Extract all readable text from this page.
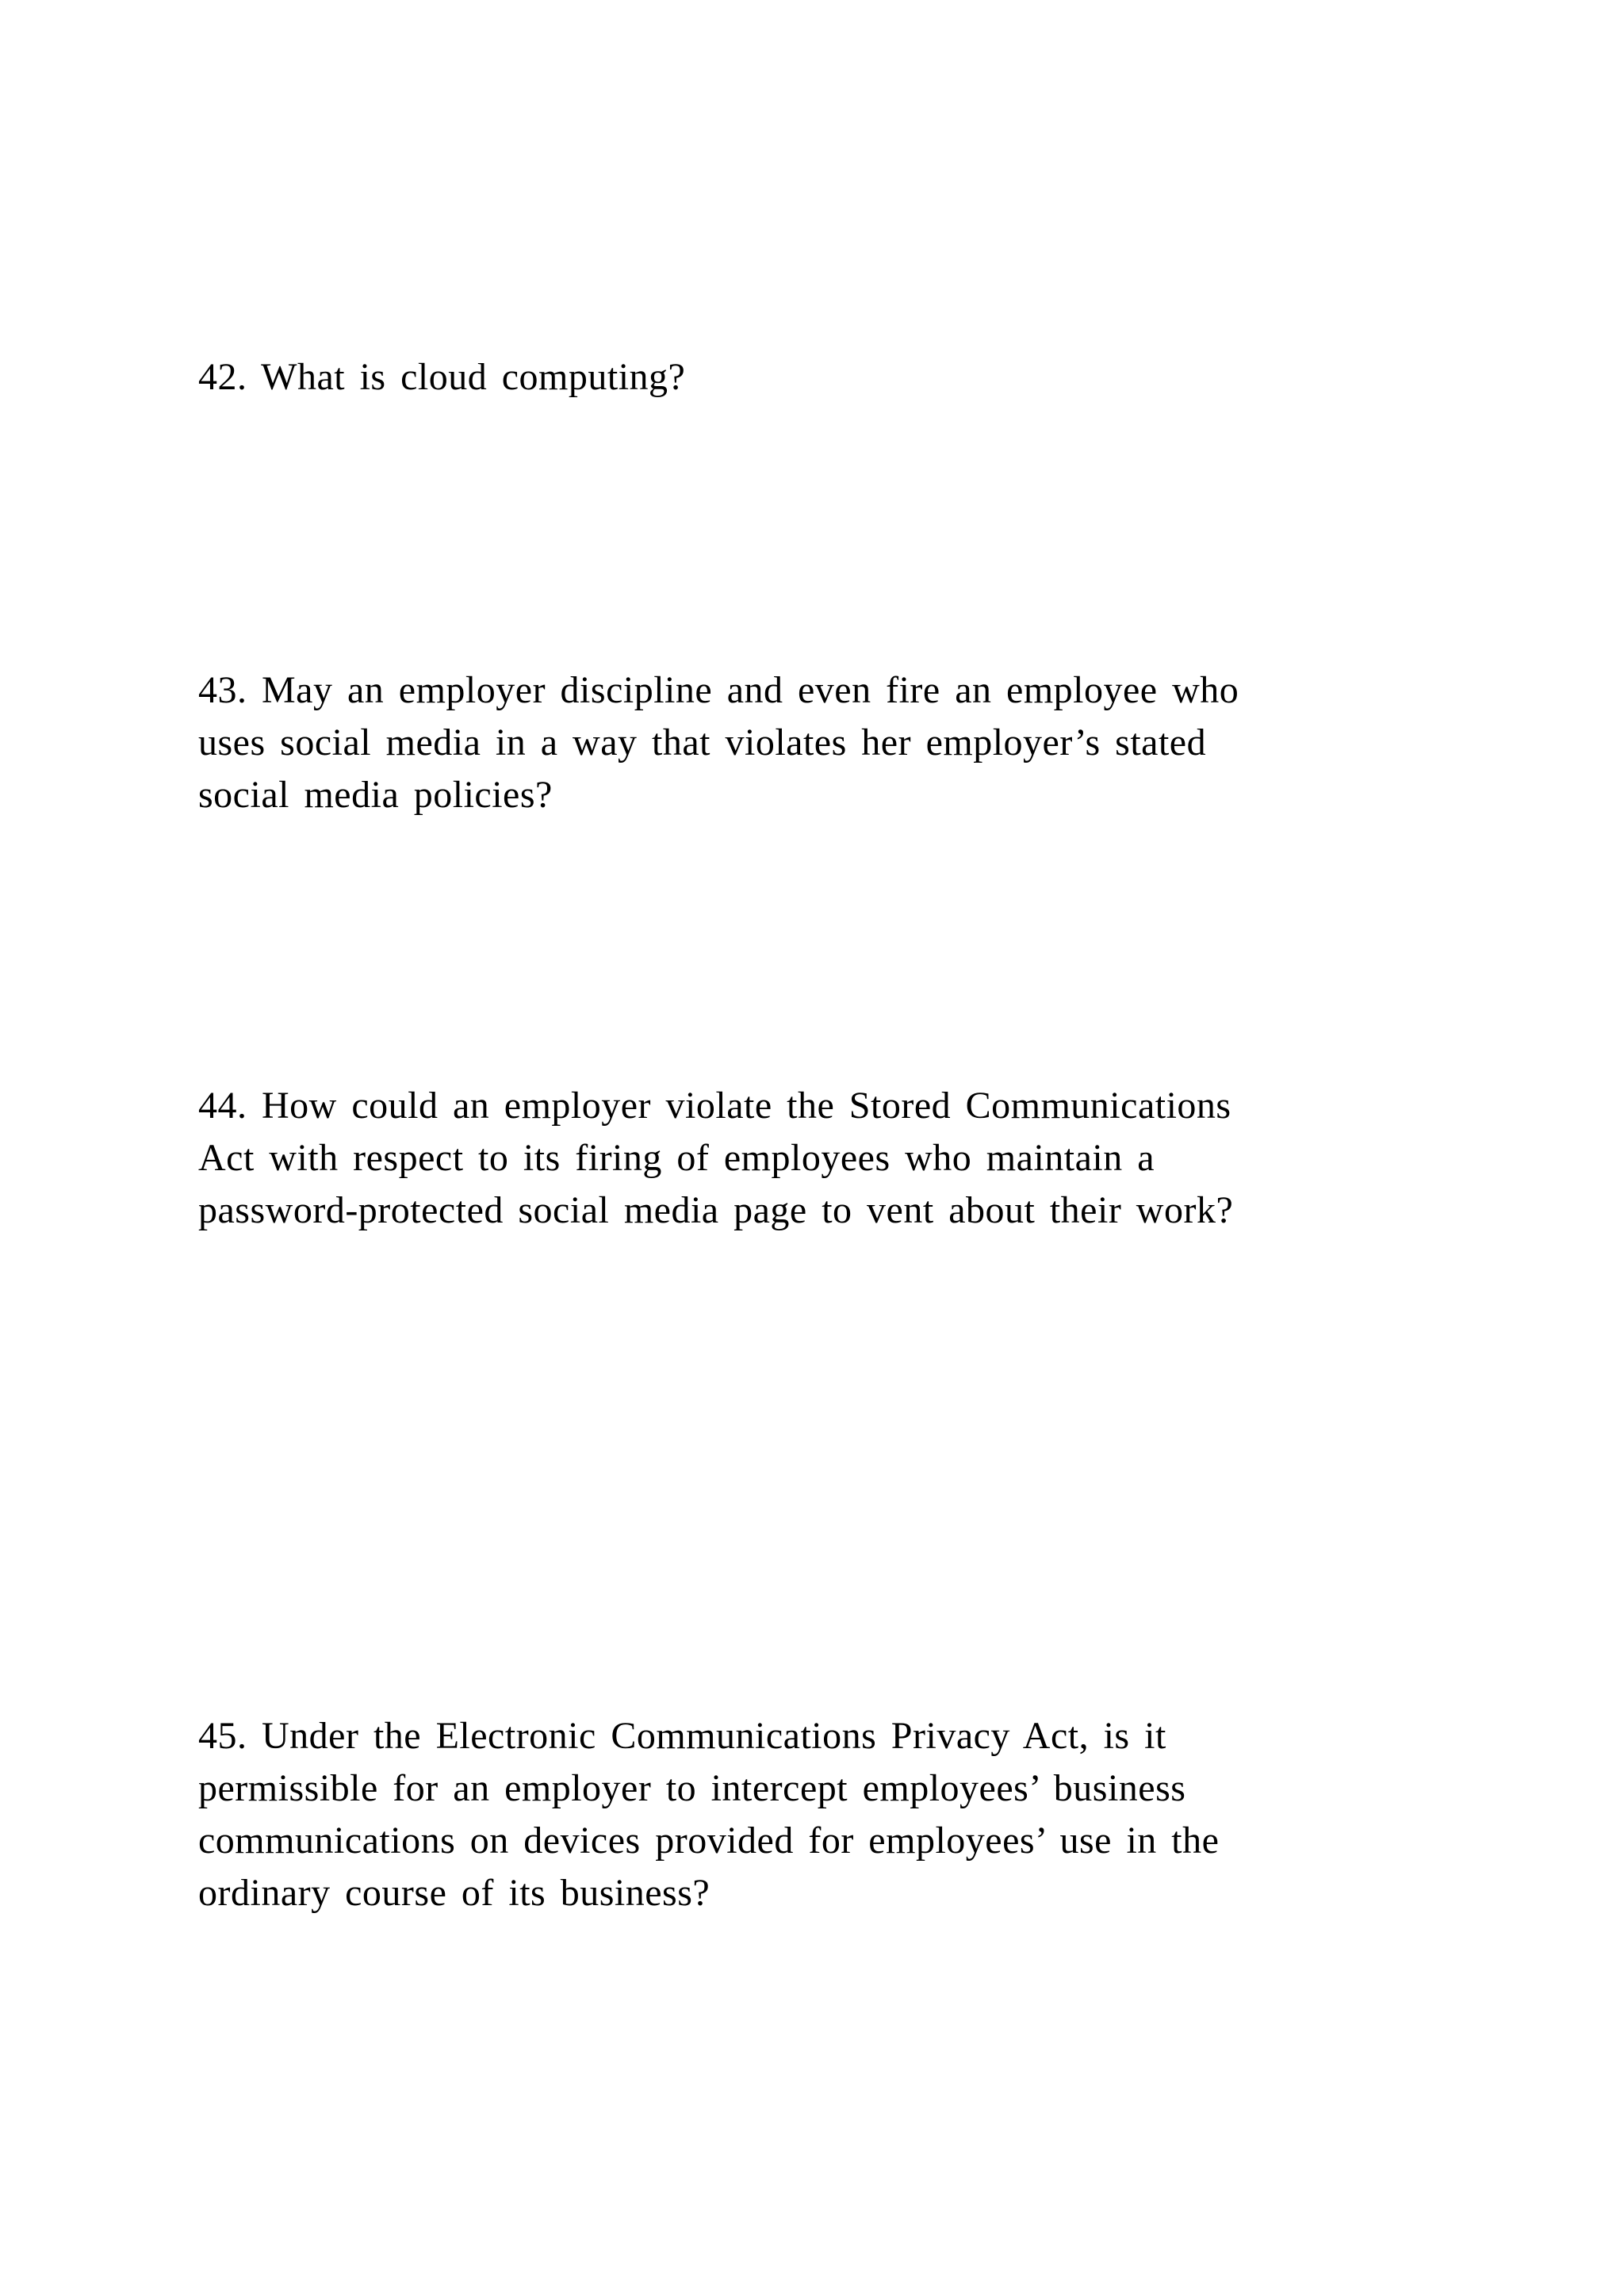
42. What is cloud computing?

43. May an employer discipline and even fire an employee who
uses social media in a way that violates her employer’s stated
social media policies?

44. How could an employer violate the Stored Communications
Act with respect to its firing of employees who maintain a
password-protected social media page to vent about their work?

45. Under the Electronic Communications Privacy Act, is it
permissible for an employer to intercept employees’ business
communications on devices provided for employees’ use in the
ordinary course of its business?
